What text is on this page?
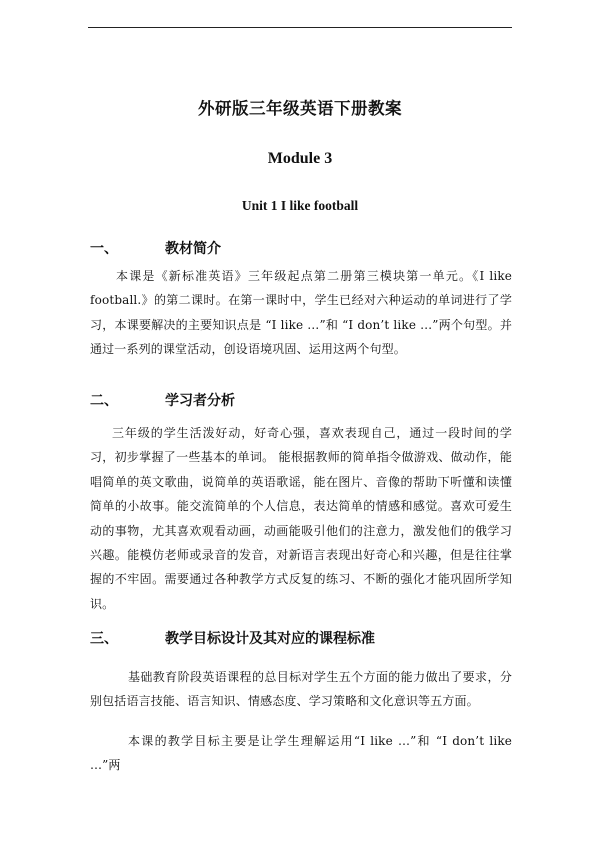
外研版三年级英语下册教案
Module 3
Unit 1 I like football
一、	教材简介
本课是《新标准英语》三年级起点第二册第三模块第一单元。《I like football.》的第二课时。在第一课时中，学生已经对六种运动的单词进行了学习，本课要解决的主要知识点是 “I like …”和 “I don’t like …”两个句型。并通过一系列的课堂活动，创设语境巩固、运用这两个句型。
二、	学习者分析
三年级的学生活泼好动，好奇心强，喜欢表现自己，通过一段时间的学习，初步掌握了一些基本的单词。 能根据教师的简单指令做游戏、做动作，能唱简单的英文歌曲，说简单的英语歌谣，能在图片、音像的帮助下听懂和读懂简单的小故事。能交流简单的个人信息，表达简单的情感和感觉。喜欢可爱生动的事物，尤其喜欢观看动画，动画能吸引他们的注意力，激发他们的俄学习兴趣。能模仿老师或录音的发音，对新语言表现出好奇心和兴趣，但是往往掌握的不牢固。需要通过各种教学方式反复的练习、不断的强化才能巩固所学知识。
三、	教学目标设计及其对应的课程标准
基础教育阶段英语课程的总目标对学生五个方面的能力做出了要求，分别包括语言技能、语言知识、情感态度、学习策略和文化意识等五方面。
本课的教学目标主要是让学生理解运用“I like …”和 “I don’t like …”两
